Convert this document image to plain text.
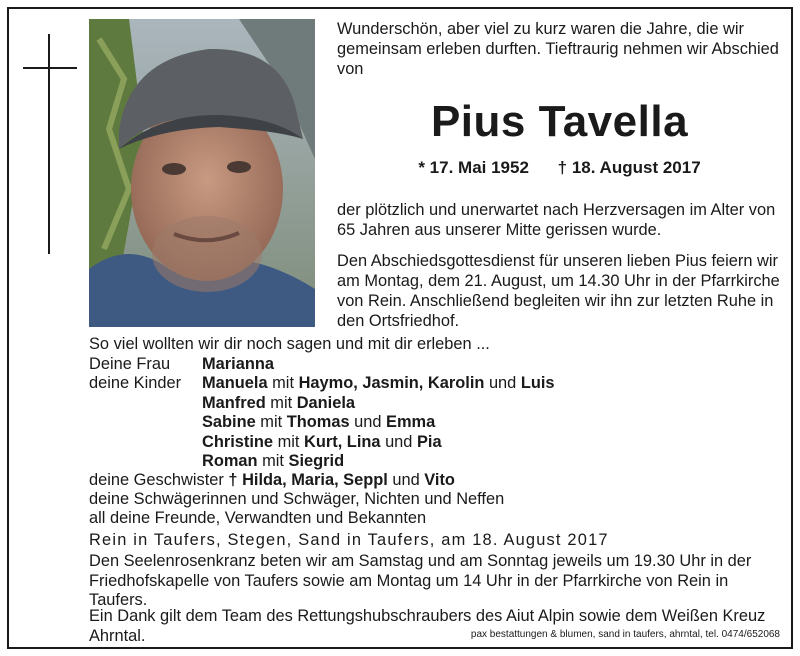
Wunderschön, aber viel zu kurz waren die Jahre, die wir gemeinsam erleben durften. Tieftraurig nehmen wir Abschied von

Pius Tavella
* 17. Mai 1952 † 18. August 2017

der plötzlich und unerwartet nach Herzversagen im Alter von 65 Jahren aus unserer Mitte gerissen wurde.

Den Abschiedsgottesdienst für unseren lieben Pius feiern wir am Montag, dem 21. August, um 14.30 Uhr in der Pfarrkirche von Rein. Anschließend begleiten wir ihn zur letzten Ruhe in den Ortsfriedhof.

So viel wollten wir dir noch sagen und mit dir erleben ...

Deine Frau Marianna
deine Kinder	Manuela mit Haymo, Jasmin, Karolin und Luis
Manfred mit Daniela
Sabine mit Thomas und Emma
Christine mit Kurt, Lina und Pia
Roman mit Siegrid
deine Geschwister † Hilda, Maria, Seppl und Vito
deine Schwägerinnen und Schwäger, Nichten und Neffen
all deine Freunde, Verwandten und Bekannten
Rein in Taufers, Stegen, Sand in Taufers, am 18. August 2017

Den Seelenrosenkranz beten wir am Samstag und am Sonntag jeweils um 19.30 Uhr in der Friedhofskapelle von Taufers sowie am Montag um 14 Uhr in der Pfarrkirche von Rein in Taufers.

Ein Dank gilt dem Team des Rettungshubschraubers des Aiut Alpin sowie dem Weißen Kreuz Ahrntal.	pax bestattungen & blumen, sand in taufers, ahrntal, tel. 0474/652068
